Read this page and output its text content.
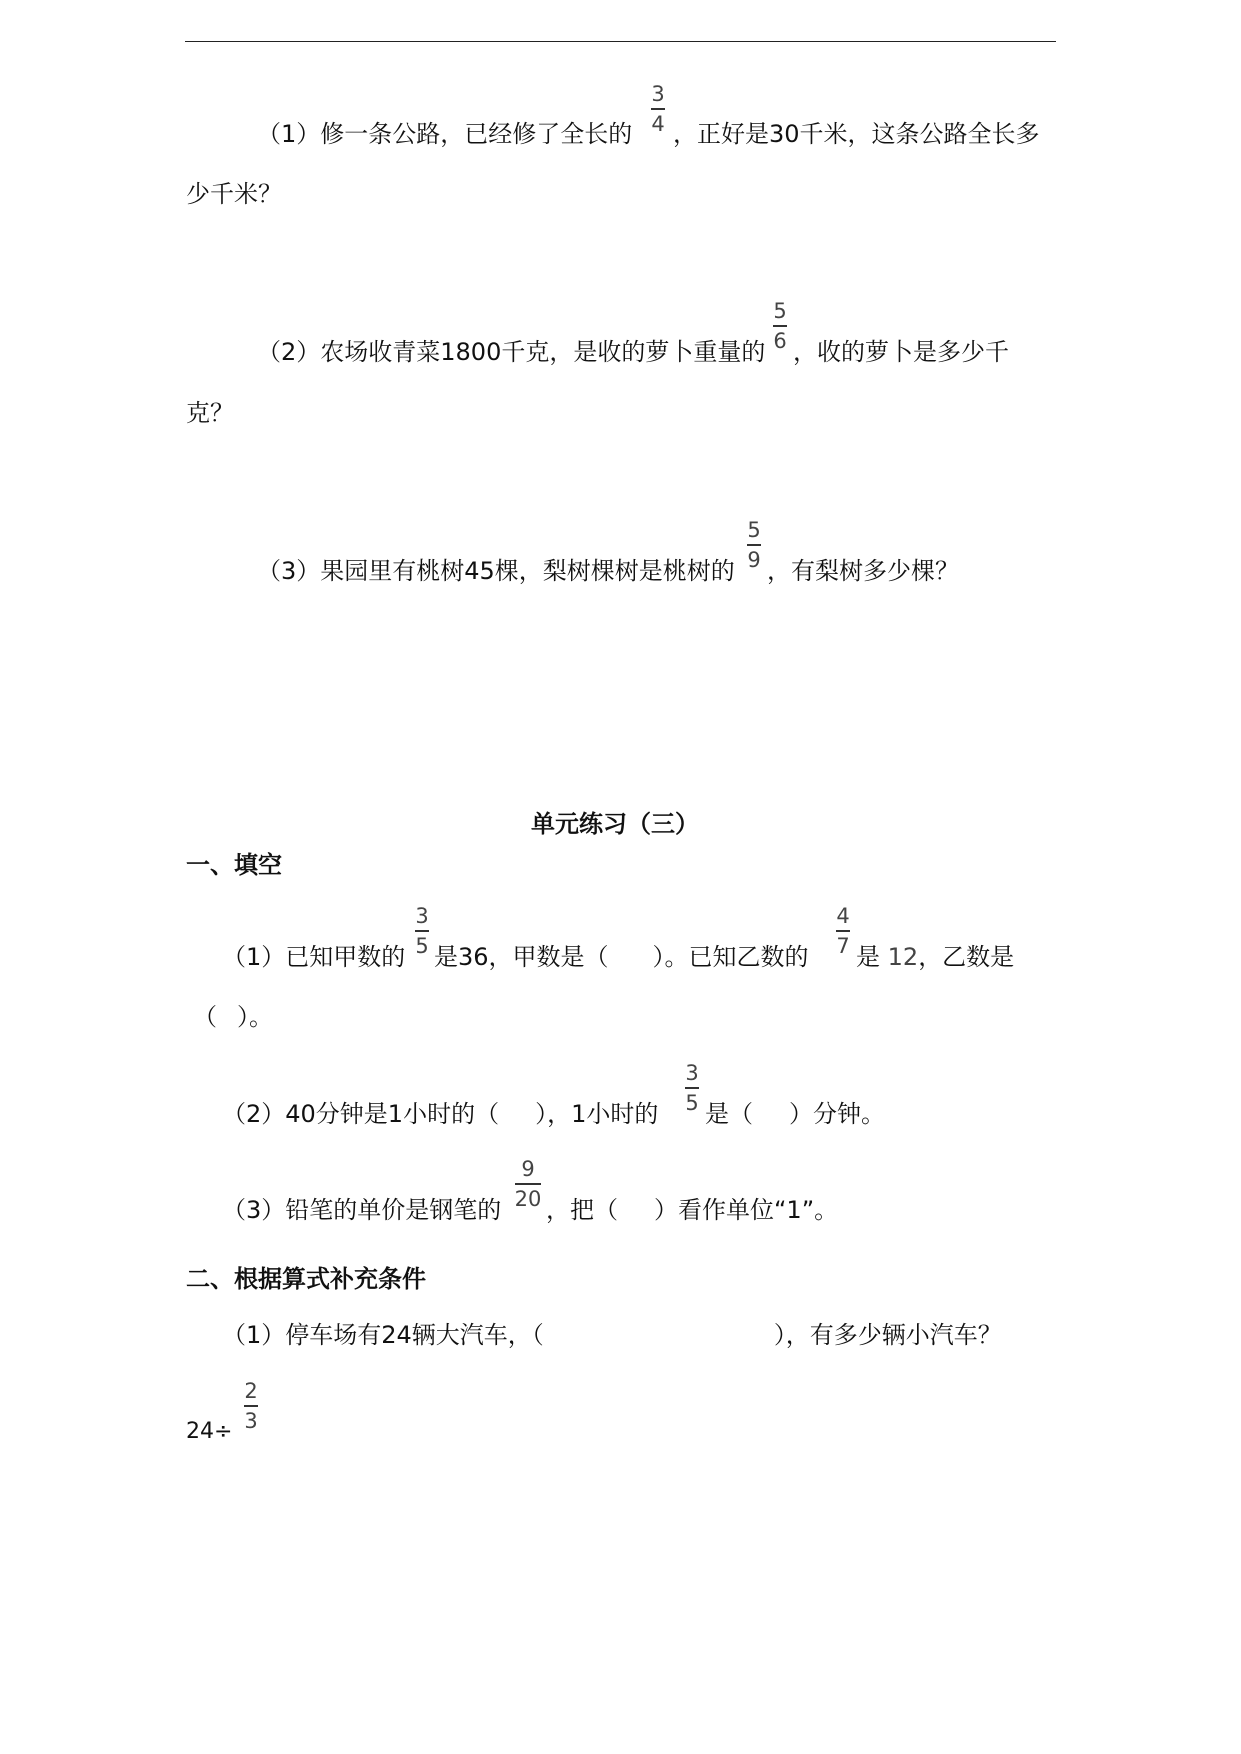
（1）修一条公路，已经修了全长的
3
4 ，正好是30千米，这条公路全长多
少千米？
（2）农场收青菜1800千克，是收的萝卜重量的
5
6 ，收的萝卜是多少千
克？
（3）果园里有桃树45棵，梨树棵树是桃树的
5
9 ，有梨树多少棵？
单元练习（三）
一、填空
（1）已知甲数的
3
5 是36，甲数是（ ）。已知乙数的
4
7 是 12，乙数是
（ ）。
（2）40分钟是1小时的（ ），1小时的
3
5 是（ ）分钟。
（3）铅笔的单价是钢笔的
9
20 ，把（ ）看作单位“1”。
二、根据算式补充条件
（1）停车场有24辆大汽车，（	），有多少辆小汽车？
24÷
2
3
